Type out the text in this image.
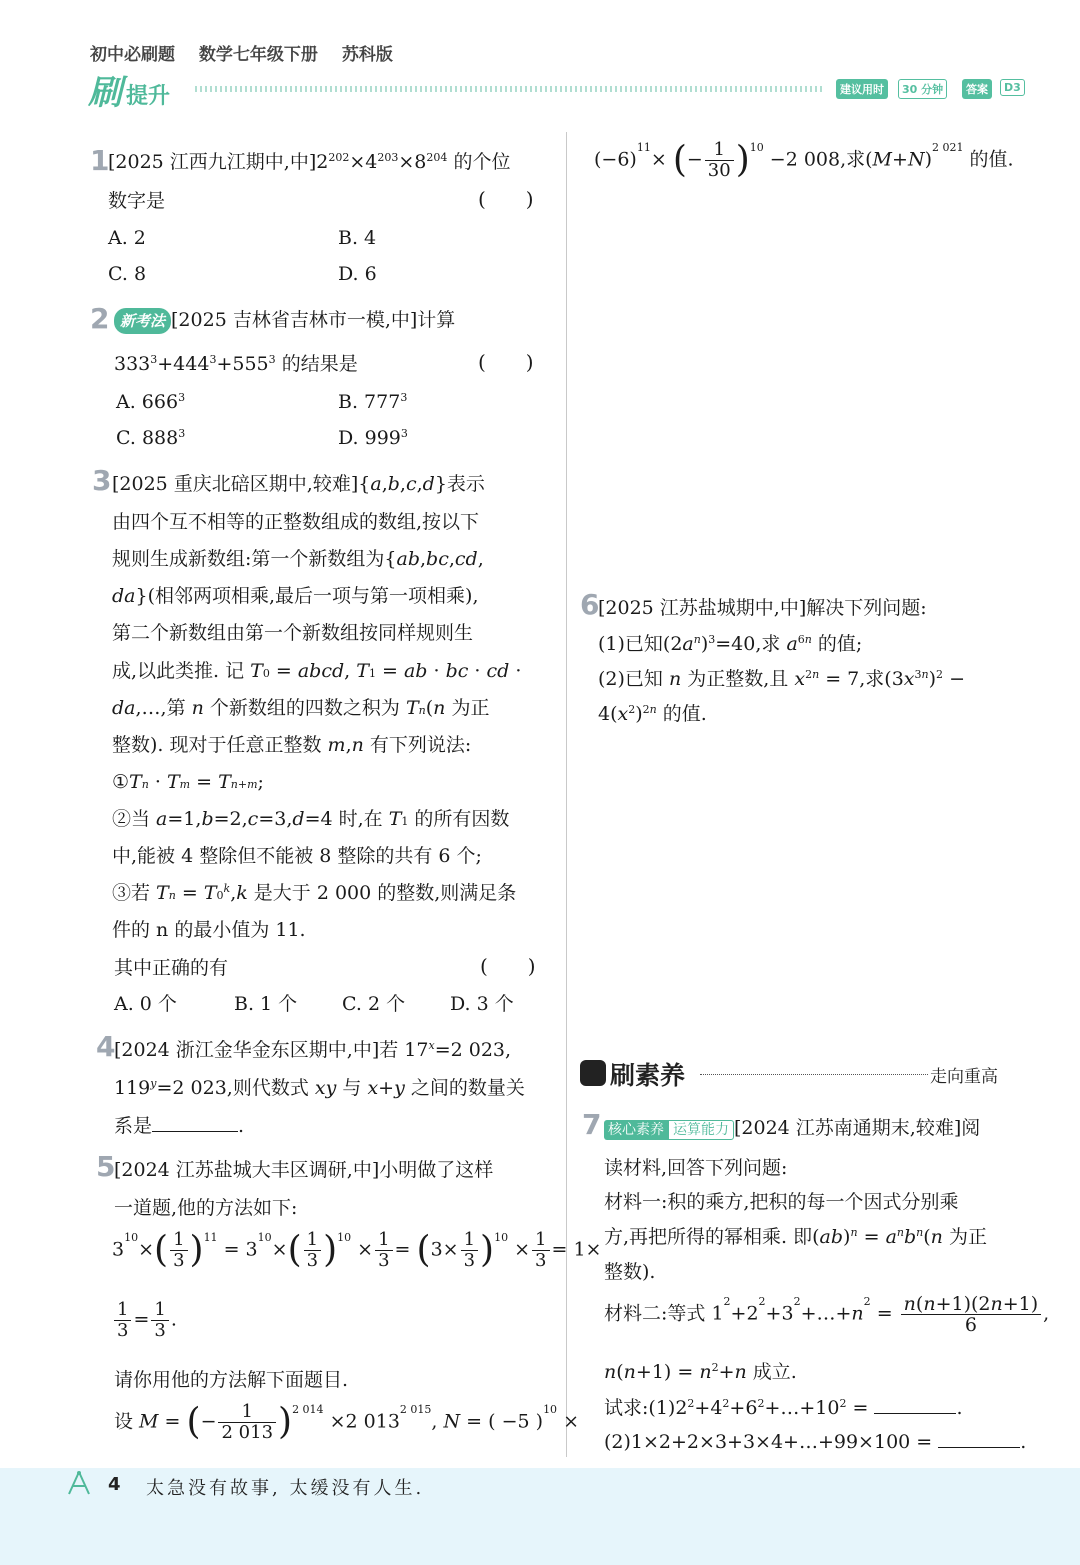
初中必刷题 数学七年级下册 苏科版
刷 提升	建议用时	30 分钟	答案	D3
1
[2025 江西九江期中,中]$2^{202}\times 4^{203}\times 8^{204}$ 的个位
数字是	(　　)
A. 2	B. 4
C. 8	D. 6
2 新考法 [2025 吉林省吉林市一模,中]计算
$333^3+444^3+555^3$ 的结果是	(　　)
A. $666^3$	B. $777^3$
C. $888^3$	D. $999^3$
3 [2025 重庆北碚区期中,较难]{a,b,c,d}表示
由四个互不相等的正整数组成的数组,按以下
规则生成新数组:第一个新数组为{ab,bc,cd,
da}(相邻两项相乘,最后一项与第一项相乘),
第二个新数组由第一个新数组按同样规则生
成,以此类推. 记 $T_0$ = abcd, $T_1$ = ab · bc · cd ·
da,…,第 n 个新数组的四数之积为 $T_n(n$ 为正
整数). 现对于任意正整数 m,n 有下列说法:
$①T_n \cdot T_m = T_{n+m}$;
②当 a=1,b=2,c=3,d=4 时,在 $T_1$ 的所有因数
中,能被 4 整除但不能被 8 整除的共有 6 个;
③若 $T_n = T_0^k,k$ 是大于 2 000 的整数,则满足条
件的 n 的最小值为 11.
其中正确的有	(　　)
A. 0 个	B. 1 个 C. 2 个 D. 3 个
4
[2024 浙江金华金东区期中,中]若 $17^x=2$ 023,
$119^y=2$ 023,则代数式 xy 与 x+y 之间的数量关
系是	.
5
[2024 江苏盐城大丰区调研,中]小明做了这样
一道题,他的方法如下:
$3^{10}\times( \frac{1}{3} )^{11} = 3^{10}\times( \frac{1}{3} )^{10} \times \frac{1}{3} = (3\times \frac{1}{3} )^{10} \times \frac{1}{3} = 1\times$
$\frac{1}{3} = \frac{1}{3}$ .
请你用他的方法解下面题目.
设 M = (− $\frac{1}{2 013} )^{2 014} \times 2$ $013^{2 015}$, N = ( −5 )$^{10}$ ×
$(-6)^{11}\times$ (− $\frac{1}{30} )^{10} -2$ 008,求$(M+N)^{2 021}$ 的值.
6
[2025 江苏盐城期中,中]解决下列问题:
(1)已知$(2a^n)^3=40$,求 $a^{6n}$ 的值;
(2)已知 n 为正整数,且 $x^{2n} = 7$,求$(3x^{3n})^2$ −
$4(x^2)^{2n}$ 的值.
刷素养	走向重高
7 核心素养 运算能力 [2024 江苏南通期末,较难]阅
读材料,回答下列问题:
材料一:积的乘方,把积的每一个因式分别乘
方,再把所得的幂相乘. 即$(ab)^n = a^nb^n(n$ 为正
整数).
材料二:等式 $1^2+2^2+3^2+\dots+n^2 = \frac{n(n+1)(2n+1)}{6}$ ,
$n(n+1) = n^2+n$ 成立.
试求$:(1)2^2+4^2+6^2+\dots+10^2$ =	.
(2)1×2+2×3+3×4+…+99×100 =	.
4 太急没有故事, 太缓没有人生.
